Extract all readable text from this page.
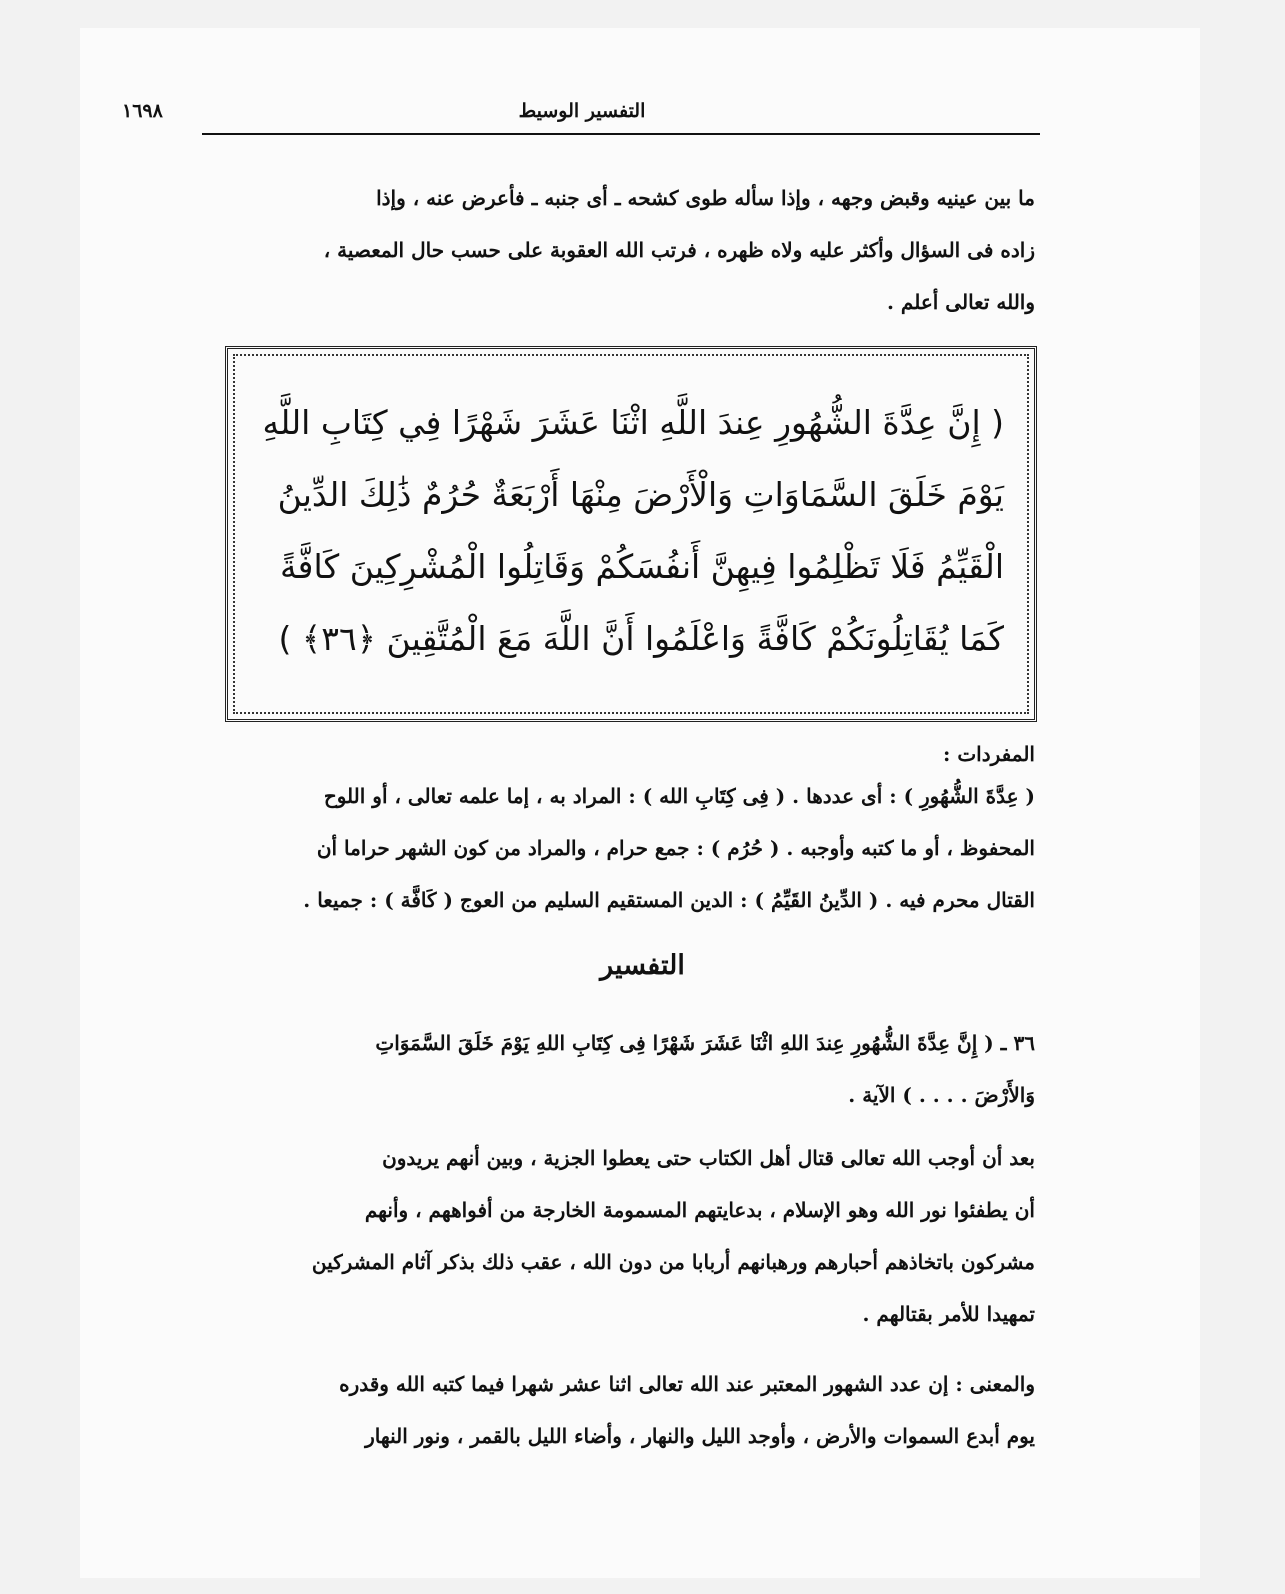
التفسير الوسيط
١٦٩٨
ما بين عينيه وقبض وجهه ، وإذا سأله طوى كشحه ـ أى جنبه ـ فأعرض عنه ، وإذا
زاده فى السؤال وأكثر عليه ولاه ظهره ، فرتب الله العقوبة على حسب حال المعصية ،
والله تعالى أعلم .
( إِنَّ عِدَّةَ الشُّهُورِ عِندَ اللَّهِ اثْنَا عَشَرَ شَهْرًا فِي كِتَابِ اللَّهِ
يَوْمَ خَلَقَ السَّمَاوَاتِ وَالْأَرْضَ مِنْهَا أَرْبَعَةٌ حُرُمٌ ذَٰلِكَ الدِّينُ
الْقَيِّمُ فَلَا تَظْلِمُوا فِيهِنَّ أَنفُسَكُمْ وَقَاتِلُوا الْمُشْرِكِينَ كَافَّةً
كَمَا يُقَاتِلُونَكُمْ كَافَّةً وَاعْلَمُوا أَنَّ اللَّهَ مَعَ الْمُتَّقِينَ ﴿٣٦﴾ )
المفردات :
( عِدَّةَ الشُّهُورِ ) : أى عددها . ( فِى كِتَابِ الله ) : المراد به ، إما علمه تعالى ، أو اللوح
المحفوظ ، أو ما كتبه وأوجبه . ( حُرُم ) : جمع حرام ، والمراد من كون الشهر حراما أن
القتال محرم فيه . ( الدِّينُ القَيِّمُ ) : الدين المستقيم السليم من العوج ( كَافَّة ) : جميعا .
التفسير
٣٦ ـ ( إِنَّ عِدَّةَ الشُّهُورِ عِندَ اللهِ اثْنَا عَشَرَ شَهْرًا فِى كِتَابِ اللهِ يَوْمَ خَلَقَ السَّمَوَاتِ
وَالأَرْضَ . . . . ) الآية .
بعد أن أوجب الله تعالى قتال أهل الكتاب حتى يعطوا الجزية ، وبين أنهم يريدون
أن يطفئوا نور الله وهو الإسلام ، بدعايتهم المسمومة الخارجة من أفواههم ، وأنهم
مشركون باتخاذهم أحبارهم ورهبانهم أربابا من دون الله ، عقب ذلك بذكر آثام المشركين
تمهيدا للأمر بقتالهم .
والمعنى : إن عدد الشهور المعتبر عند الله تعالى اثنا عشر شهرا فيما كتبه الله وقدره
يوم أبدع السموات والأرض ، وأوجد الليل والنهار ، وأضاء الليل بالقمر ، ونور النهار
